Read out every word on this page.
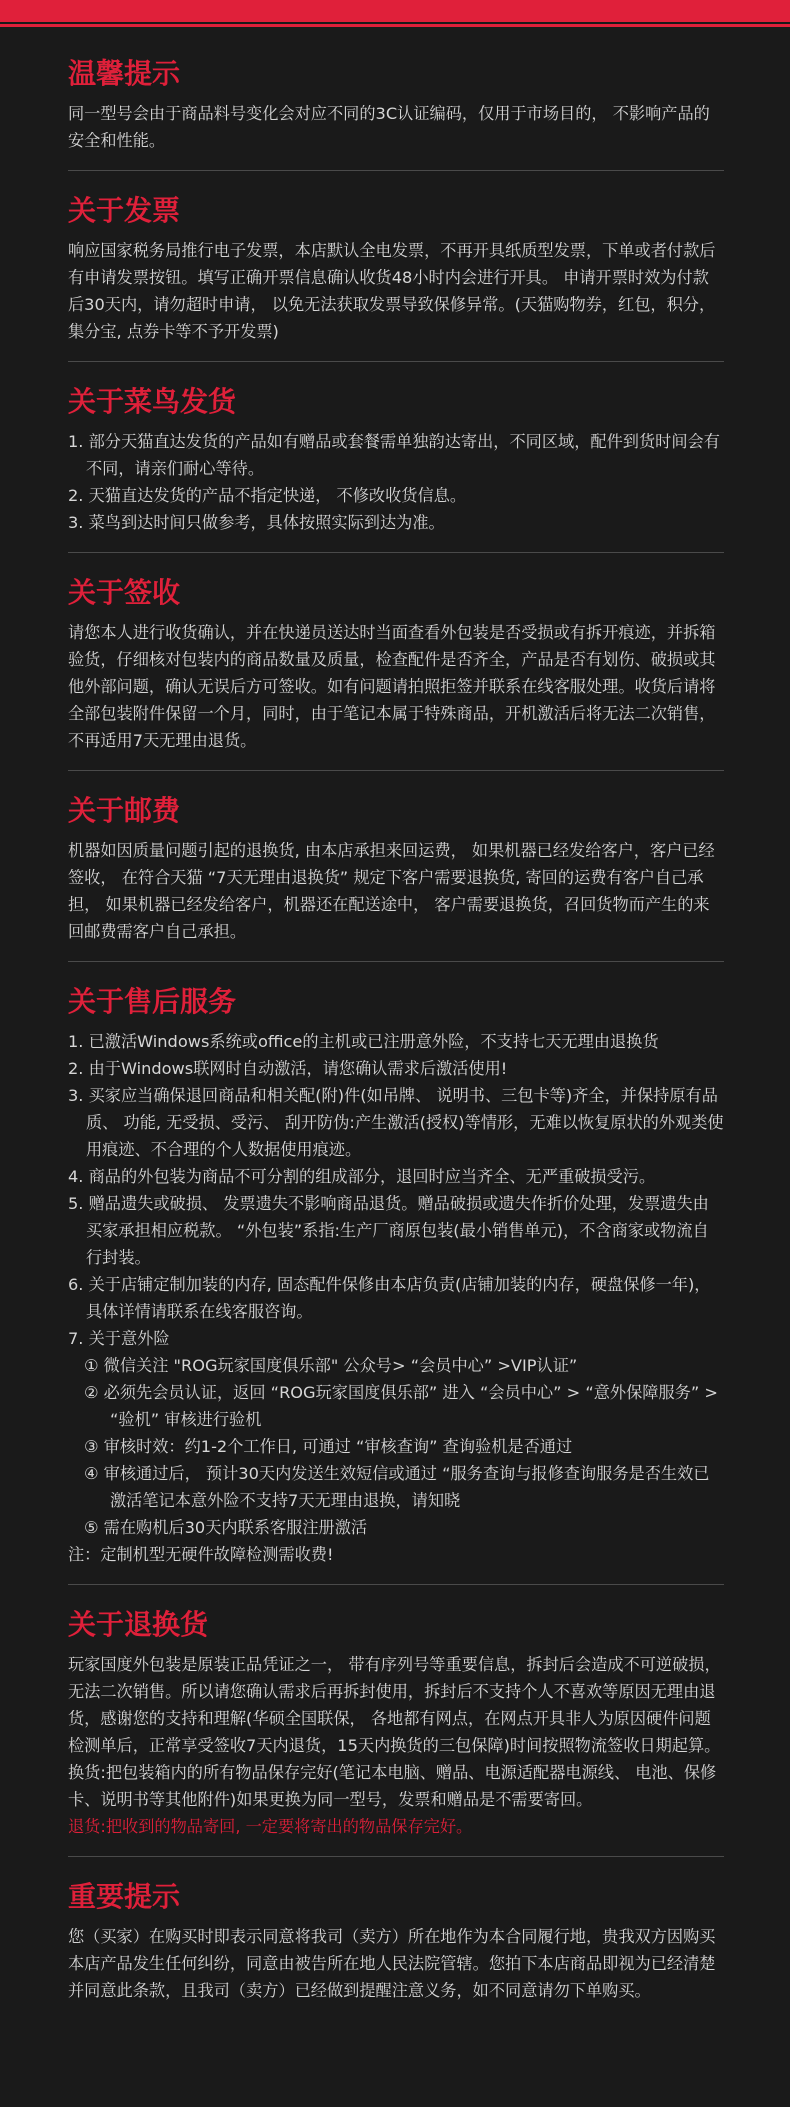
温馨提示

同一型号会由于商品料号变化会对应不同的3C认证编码，仅用于市场目的， 不影响产品的安全和性能。

关于发票

响应国家税务局推行电子发票，本店默认全电发票，不再开具纸质型发票，下单或者付款后有申请发票按钮。填写正确开票信息确认收货48小时内会进行开具。 申请开票时效为付款后30天内，请勿超时申请， 以免无法获取发票导致保修异常。(天猫购物券，红包，积分，集分宝, 点券卡等不予开发票)

关于菜鸟发货
1. 部分天猫直达发货的产品如有赠品或套餐需单独韵达寄出，不同区域，配件到货时间会有不同，请亲们耐心等待。
2. 天猫直达发货的产品不指定快递， 不修改收货信息。
3. 菜鸟到达时间只做参考，具体按照实际到达为准。
关于签收

请您本人进行收货确认，并在快递员送达时当面查看外包装是否受损或有拆开痕迹，并拆箱验货，仔细核对包装内的商品数量及质量，检查配件是否齐全，产品是否有划伤、破损或其他外部问题，确认无误后方可签收。如有问题请拍照拒签并联系在线客服处理。收货后请将全部包装附件保留一个月，同时，由于笔记本属于特殊商品，开机激活后将无法二次销售，不再适用7天无理由退货。

关于邮费

机器如因质量问题引起的退换货, 由本店承担来回运费， 如果机器已经发给客户，客户已经签收， 在符合天猫 “7天无理由退换货” 规定下客户需要退换货, 寄回的运费有客户自己承担， 如果机器已经发给客户，机器还在配送途中， 客户需要退换货，召回货物而产生的来回邮费需客户自己承担。

关于售后服务
1. 已激活Windows系统或office的主机或已注册意外险，不支持七天无理由退换货
2. 由于Windows联网时自动激活，请您确认需求后激活使用!
3. 买家应当确保退回商品和相关配(附)件(如吊牌、 说明书、三包卡等)齐全，并保持原有品质、 功能, 无受损、受污、 刮开防伪:产生激活(授权)等情形，无难以恢复原状的外观类使用痕迹、不合理的个人数据使用痕迹。
4. 商品的外包装为商品不可分割的组成部分，退回时应当齐全、无严重破损受污。
5. 赠品遗失或破损、 发票遗失不影响商品退货。赠品破损或遗失作折价处理，发票遗失由买家承担相应税款。 “外包装”系指:生产厂商原包装(最小销售单元)，不含商家或物流自行封装。
6. 关于店铺定制加装的内存, 固态配件保修由本店负责(店铺加装的内存，硬盘保修一年)，具体详情请联系在线客服咨询。
7. 关于意外险
① 微信关注 "ROG玩家国度俱乐部" 公众号> “会员中心” >VIP认证”
② 必须先会员认证，返回 “ROG玩家国度俱乐部” 进入 “会员中心” > “意外保障服务” > “验机” 审核进行验机
③ 审核时效：约1-2个工作日, 可通过 “审核查询” 查询验机是否通过
④ 审核通过后， 预计30天内发送生效短信或通过 “服务查询与报修查询服务是否生效已激活笔记本意外险不支持7天无理由退换，请知晓
⑤ 需在购机后30天内联系客服注册激活

注：定制机型无硬件故障检测需收费!

关于退换货

玩家国度外包装是原装正品凭证之一， 带有序列号等重要信息，拆封后会造成不可逆破损，无法二次销售。所以请您确认需求后再拆封使用，拆封后不支持个人不喜欢等原因无理由退货，感谢您的支持和理解(华硕全国联保， 各地都有网点，在网点开具非人为原因硬件问题检测单后，正常享受签收7天内退货，15天内换货的三包保障)时间按照物流签收日期起算。

换货:把包装箱内的所有物品保存完好(笔记本电脑、赠品、电源适配器电源线、 电池、保修卡、说明书等其他附件)如果更换为同一型号，发票和赠品是不需要寄回。

退货:把收到的物品寄回, 一定要将寄出的物品保存完好。

重要提示

您（买家）在购买时即表示同意将我司（卖方）所在地作为本合同履行地，贵我双方因购买本店产品发生任何纠纷，同意由被告所在地人民法院管辖。您拍下本店商品即视为已经清楚并同意此条款，且我司（卖方）已经做到提醒注意义务，如不同意请勿下单购买。
